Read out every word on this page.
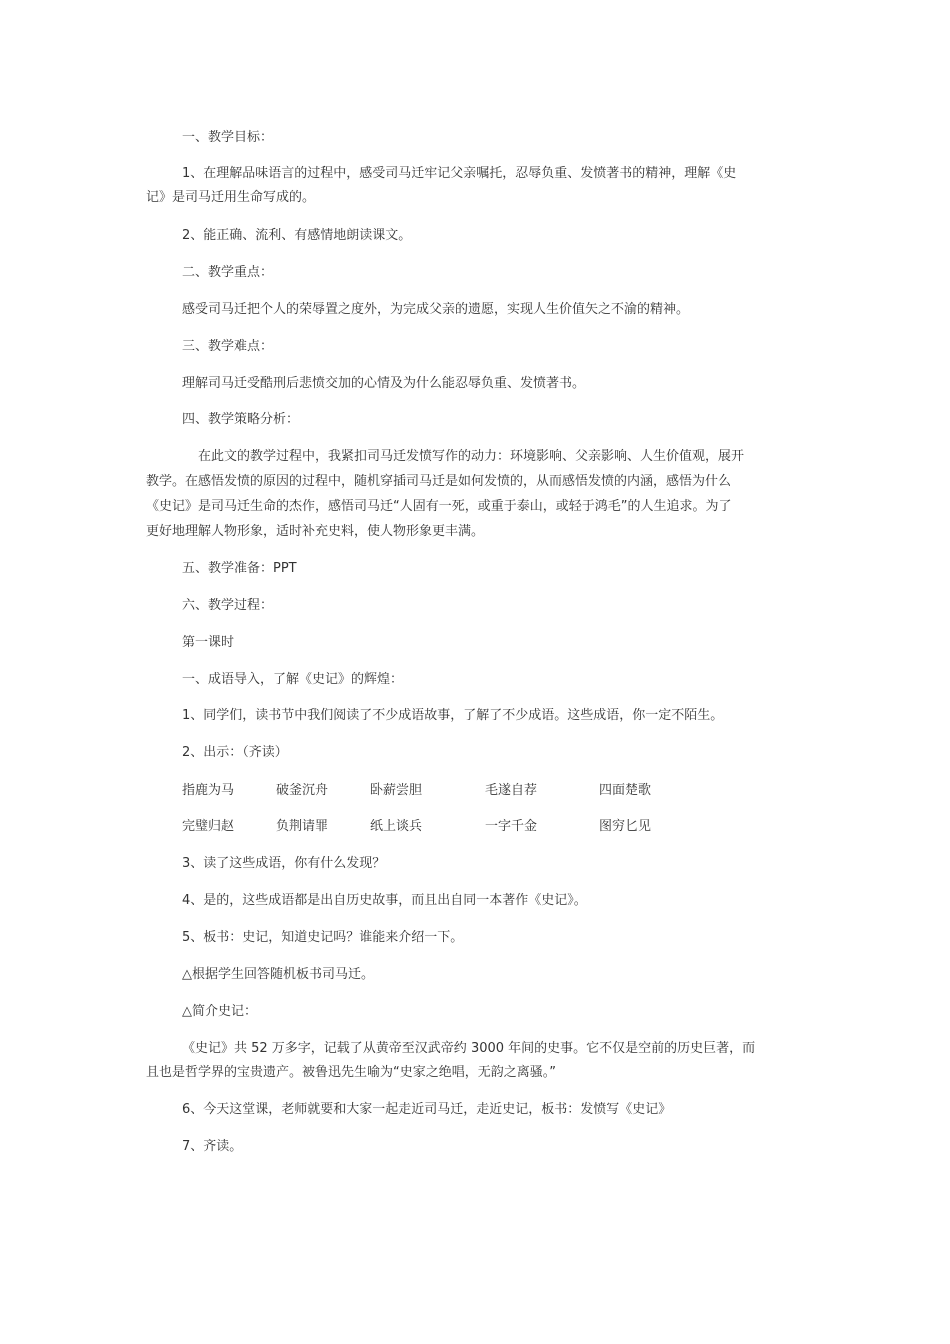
一、教学目标：
1、在理解品味语言的过程中，感受司马迁牢记父亲嘱托，忍辱负重、发愤著书的精神，理解《史
记》是司马迁用生命写成的。
2、能正确、流利、有感情地朗读课文。
二、教学重点：
感受司马迁把个人的荣辱置之度外，为完成父亲的遗愿，实现人生价值矢之不渝的精神。
三、教学难点：
理解司马迁受酷刑后悲愤交加的心情及为什么能忍辱负重、发愤著书。
四、教学策略分析：
在此文的教学过程中，我紧扣司马迁发愤写作的动力：环境影响、父亲影响、人生价值观，展开
教学。在感悟发愤的原因的过程中，随机穿插司马迁是如何发愤的，从而感悟发愤的内涵，感悟为什么
《史记》是司马迁生命的杰作，感悟司马迁“人固有一死，或重于泰山，或轻于鸿毛”的人生追求。为了
更好地理解人物形象，适时补充史料，使人物形象更丰满。
五、教学准备：PPT
六、教学过程：
第一课时
一、成语导入，了解《史记》的辉煌：
1、同学们，读书节中我们阅读了不少成语故事，了解了不少成语。这些成语，你一定不陌生。
2、出示：（齐读）
指鹿为马	破釜沉舟	卧薪尝胆	毛遂自荐	四面楚歌
完璧归赵	负荆请罪	纸上谈兵	一字千金	图穷匕见
3、读了这些成语，你有什么发现？
4、是的，这些成语都是出自历史故事，而且出自同一本著作《史记》。
5、板书：史记，知道史记吗？谁能来介绍一下。
△根据学生回答随机板书司马迁。
△简介史记：
《史记》共 52 万多字，记载了从黄帝至汉武帝约 3000 年间的史事。它不仅是空前的历史巨著，而
且也是哲学界的宝贵遗产。被鲁迅先生喻为“史家之绝唱，无韵之离骚。”
6、今天这堂课，老师就要和大家一起走近司马迁，走近史记，板书：发愤写《史记》
7、齐读。
